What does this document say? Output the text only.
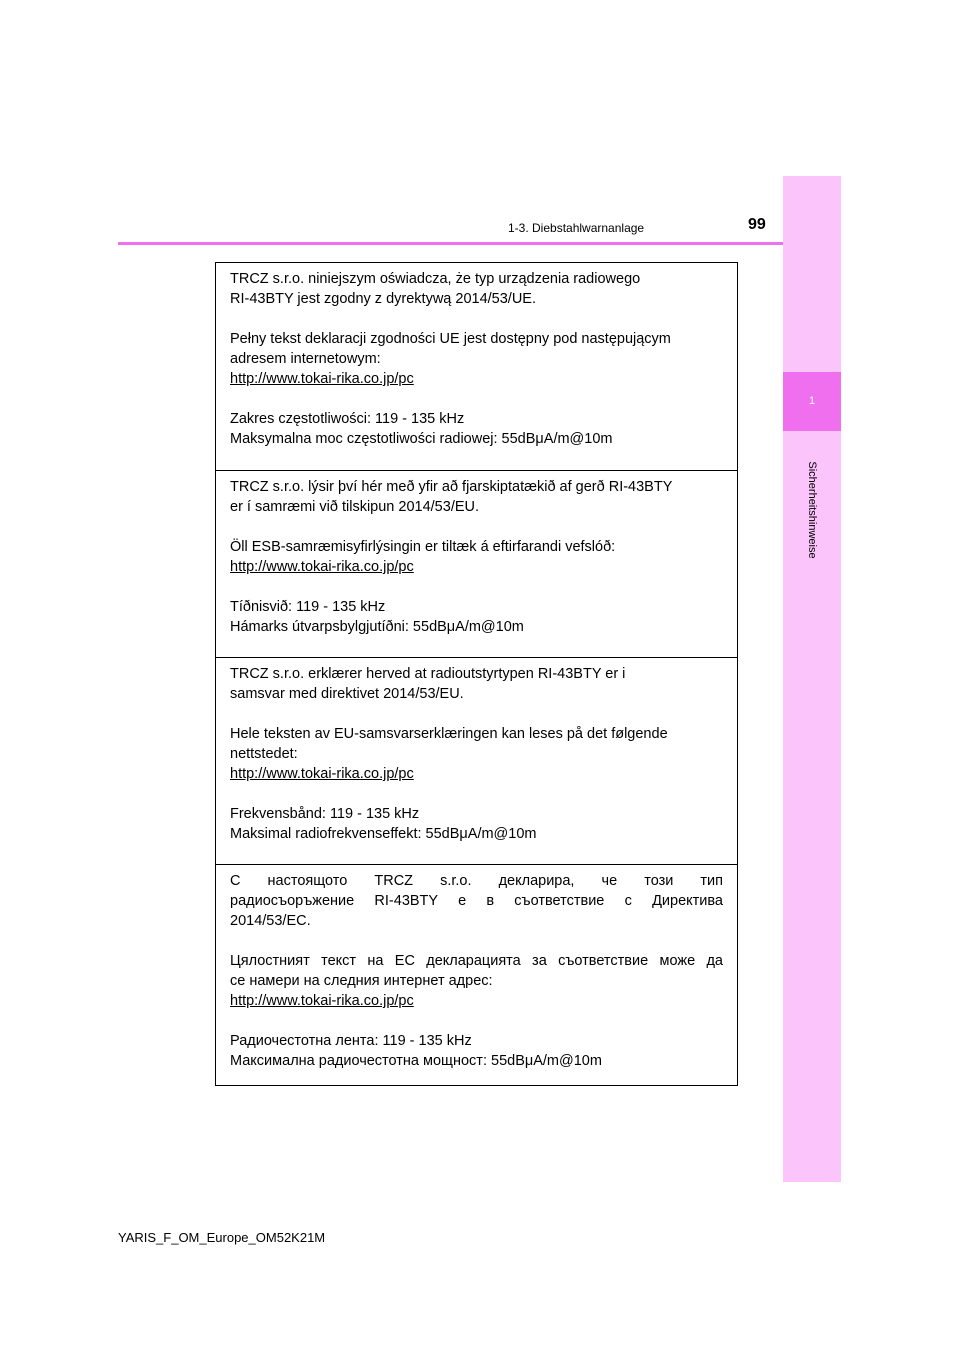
1
Sicherheitshinweise
1-3. Diebstahlwarnanlage	99

TRCZ s.r.o. niniejszym oświadcza, że typ urządzenia radiowego
RI-43BTY jest zgodny z dyrektywą 2014/53/UE.

Pełny tekst deklaracji zgodności UE jest dostępny pod następującym
adresem internetowym:
http://www.tokai-rika.co.jp/pc

Zakres częstotliwości: 119 - 135 kHz
Maksymalna moc częstotliwości radiowej: 55dBμA/m@10m

TRCZ s.r.o. lýsir því hér með yfir að fjarskiptatækið af gerð RI-43BTY
er í samræmi við tilskipun 2014/53/EU.

Öll ESB-samræmisyfirlýsingin er tiltæk á eftirfarandi vefslóð:
http://www.tokai-rika.co.jp/pc

Tíðnisvið: 119 - 135 kHz
Hámarks útvarpsbylgjutíðni: 55dBμA/m@10m

TRCZ s.r.o. erklærer herved at radioutstyrtypen RI-43BTY er i
samsvar med direktivet 2014/53/EU.

Hele teksten av EU-samsvarserklæringen kan leses på det følgende
nettstedet:
http://www.tokai-rika.co.jp/pc

Frekvensbånd: 119 - 135 kHz
Maksimal radiofrekvenseffekt: 55dBμA/m@10m

С настоящото TRCZ s.r.o. декларира, че този тип
радиосъоръжение RI-43BTY е в съответствие с Директива
2014/53/ЕС.

Цялостният текст на ЕС декларацията за съответствие може да
се намери на следния интернет адрес:
http://www.tokai-rika.co.jp/pc

Радиочестотна лента: 119 - 135 kHz
Максимална радиочестотна мощност: 55dBμA/m@10m

YARIS_F_OM_Europe_OM52K21M
